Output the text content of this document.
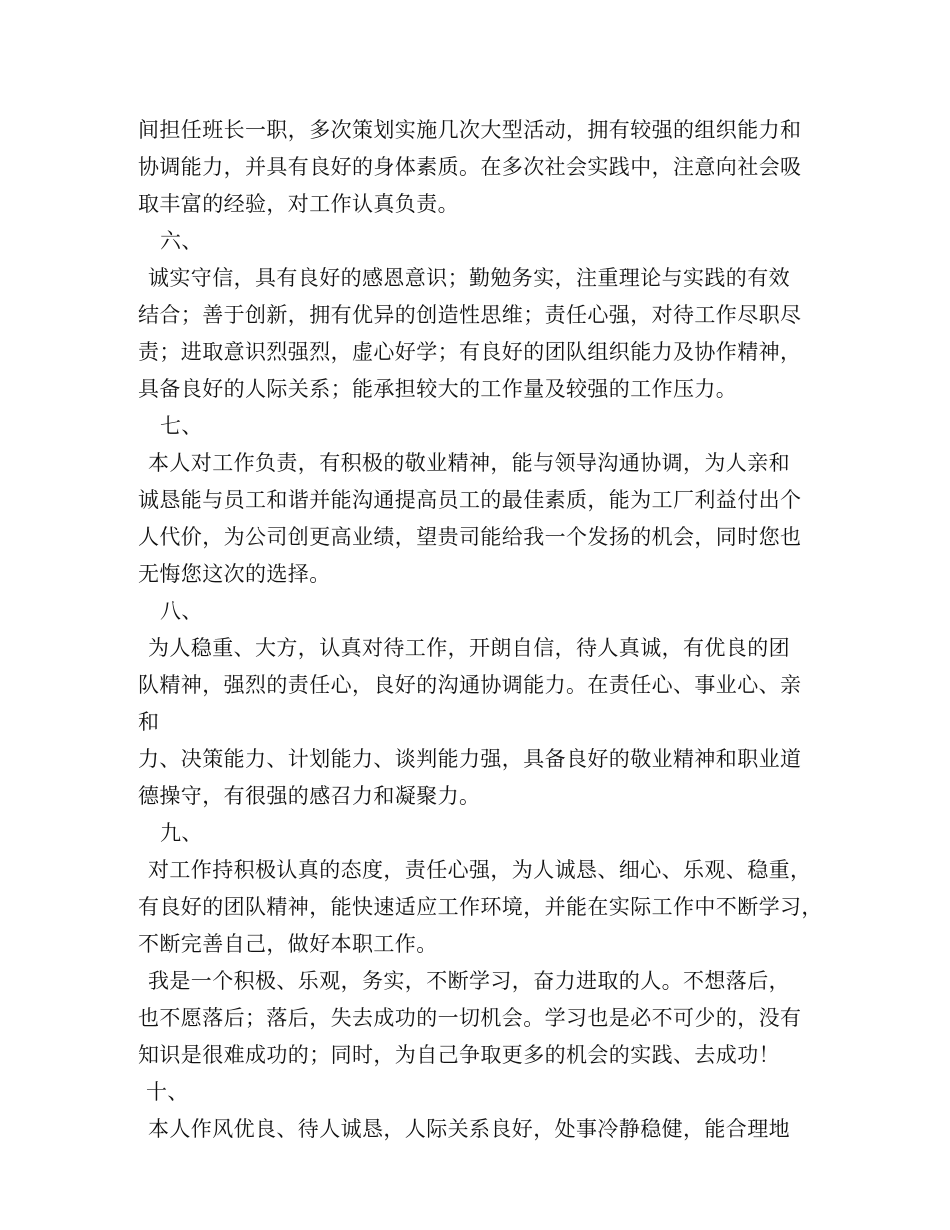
间担任班长一职，多次策划实施几次大型活动，拥有较强的组织能力和
协调能力，并具有良好的身体素质。在多次社会实践中，注意向社会吸
取丰富的经验，对工作认真负责。
六、
诚实守信，具有良好的感恩意识；勤勉务实，注重理论与实践的有效
结合；善于创新，拥有优异的创造性思维；责任心强，对待工作尽职尽
责；进取意识烈强烈，虚心好学；有良好的团队组织能力及协作精神，
具备良好的人际关系；能承担较大的工作量及较强的工作压力。
七、
本人对工作负责，有积极的敬业精神，能与领导沟通协调，为人亲和
诚恳能与员工和谐并能沟通提高员工的最佳素质，能为工厂利益付出个
人代价，为公司创更高业绩，望贵司能给我一个发扬的机会，同时您也
无悔您这次的选择。
八、
为人稳重、大方，认真对待工作，开朗自信，待人真诚，有优良的团
队精神，强烈的责任心，良好的沟通协调能力。在责任心、事业心、亲
和
力、决策能力、计划能力、谈判能力强，具备良好的敬业精神和职业道
德操守，有很强的感召力和凝聚力。
九、
对工作持积极认真的态度，责任心强，为人诚恳、细心、乐观、稳重，
有良好的团队精神，能快速适应工作环境，并能在实际工作中不断学习，
不断完善自己，做好本职工作。
我是一个积极、乐观，务实，不断学习，奋力进取的人。不想落后，
也不愿落后；落后，失去成功的一切机会。学习也是必不可少的，没有
知识是很难成功的；同时，为自己争取更多的机会的实践、去成功！
十、
本人作风优良、待人诚恳，人际关系良好，处事冷静稳健，能合理地
